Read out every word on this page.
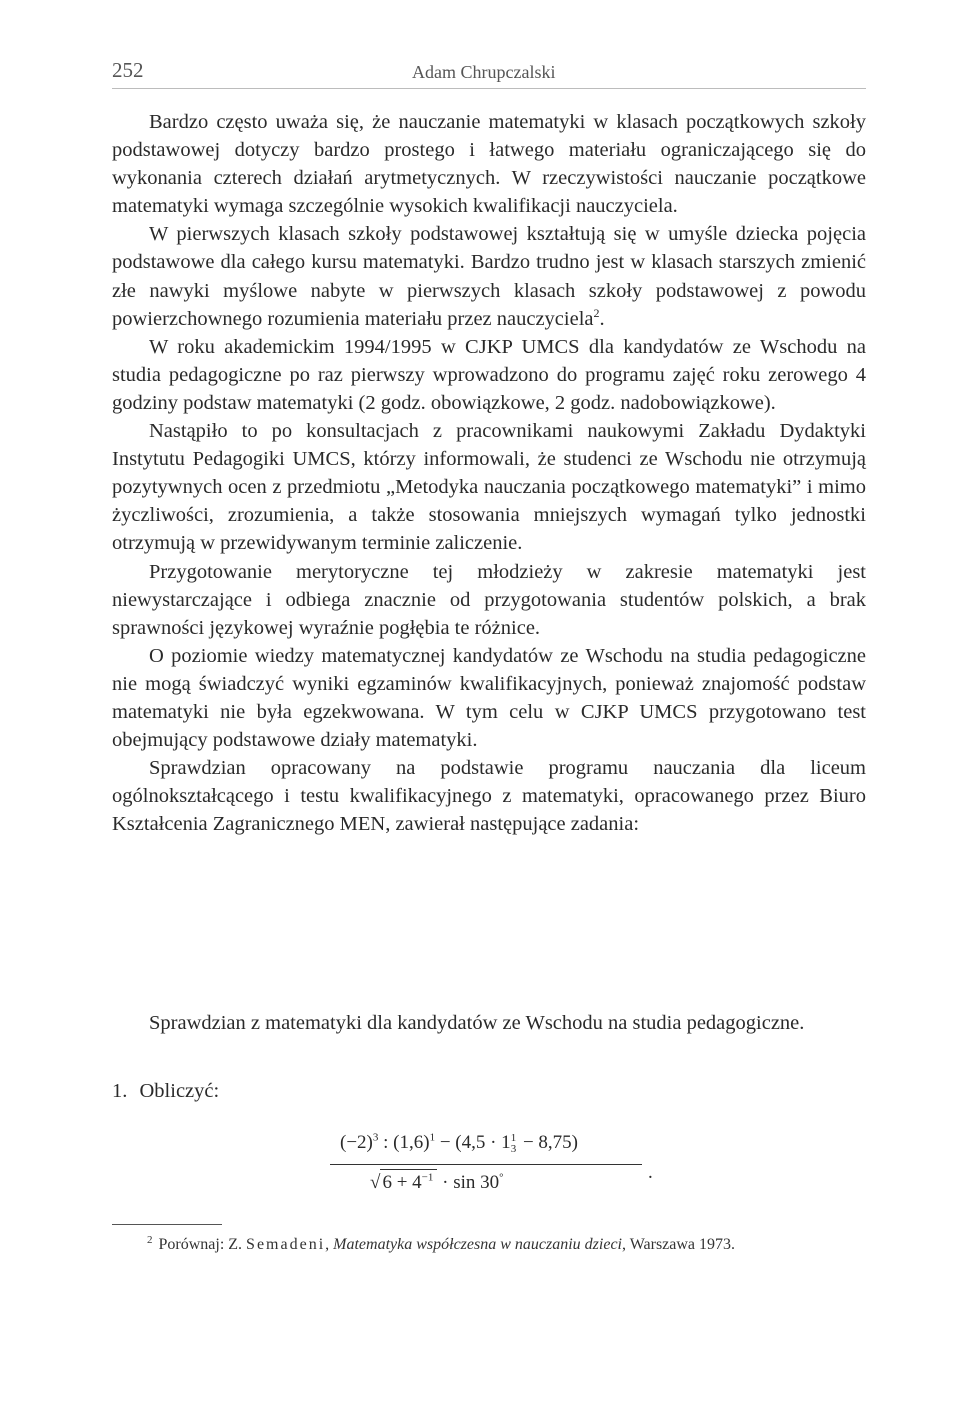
252	Adam Chrupczalski

Bardzo często uważa się, że nauczanie matematyki w klasach początkowych szkoły podstawowej dotyczy bardzo prostego i łatwego materiału ograniczającego się do wykonania czterech działań arytmetycznych. W rzeczywistości nauczanie początkowe matematyki wymaga szczególnie wysokich kwalifikacji nauczyciela.

W pierwszych klasach szkoły podstawowej kształtują się w umyśle dziecka pojęcia podstawowe dla całego kursu matematyki. Bardzo trudno jest w klasach starszych zmienić złe nawyki myślowe nabyte w pierwszych klasach szkoły podstawowej z powodu powierzchownego rozumienia materiału przez nauczyciela$^2$.

W roku akademickim 1994/1995 w CJKP UMCS dla kandydatów ze Wschodu na studia pedagogiczne po raz pierwszy wprowadzono do programu zajęć roku zerowego 4 godziny podstaw matematyki (2 godz. obowiązkowe, 2 godz. nadobowiązkowe).

Nastąpiło to po konsultacjach z pracownikami naukowymi Zakładu Dydaktyki Instytutu Pedagogiki UMCS, którzy informowali, że studenci ze Wschodu nie otrzymują pozytywnych ocen z przedmiotu „Metodyka nauczania początkowego matematyki” i mimo życzliwości, zrozumienia, a także stosowania mniejszych wymagań tylko jednostki otrzymują w przewidywanym terminie zaliczenie.

Przygotowanie merytoryczne tej młodzieży w zakresie matematyki jest niewystarczające i odbiega znacznie od przygotowania studentów polskich, a brak sprawności językowej wyraźnie pogłębia te różnice.

O poziomie wiedzy matematycznej kandydatów ze Wschodu na studia pedagogiczne nie mogą świadczyć wyniki egzaminów kwalifikacyjnych, ponieważ znajomość podstaw matematyki nie była egzekwowana. W tym celu w CJKP UMCS przygotowano test obejmujący podstawowe działy matematyki.

Sprawdzian opracowany na podstawie programu nauczania dla liceum ogólnokształcącego i testu kwalifikacyjnego z matematyki, opracowanego przez Biuro Kształcenia Zagranicznego MEN, zawierał następujące zadania:

Sprawdzian z matematyki dla kandydatów ze Wschodu na studia pedagogiczne.
1. Obliczyć:
$(-2)^3$ : $(1,6)^1 - (4,5 \cdot 1$ 1
3 − 8,75)
.
√ $6 + 4^{-1} \cdot \sin 30^\circ$
$^2$ Porównaj: Z. Semadeni, Matematyka współczesna w nauczaniu dzieci, Warszawa 1973.
